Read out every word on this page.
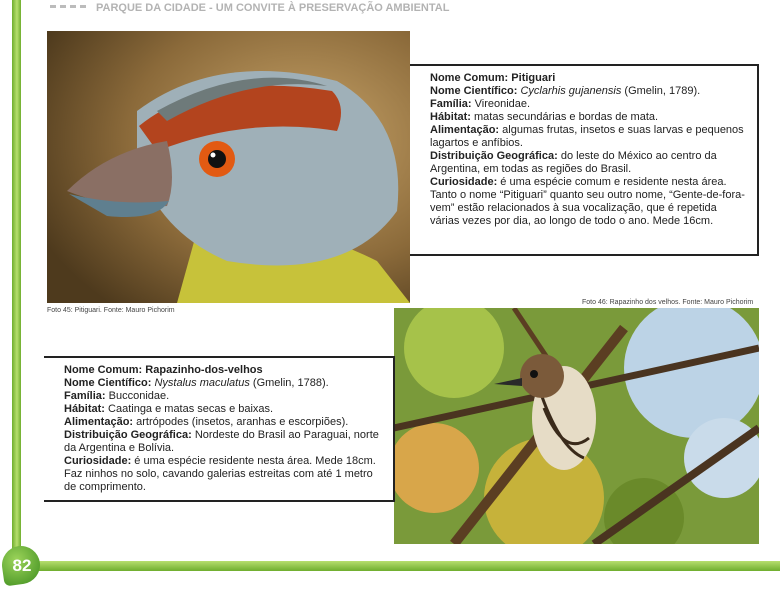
82
PARQUE DA CIDADE - UM CONVITE À PRESERVAÇÃO AMBIENTAL
Foto 45: Pitiguari. Fonte: Mauro Pichorim
Nome Comum: Pitiguari
Nome Científico: Cyclarhis gujanensis (Gmelin, 1789).
Família: Vireonidae.
Hábitat: matas secundárias e bordas de mata.
Alimentação: algumas frutas, insetos e suas larvas e pequenos lagartos e anfíbios.
Distribuição Geográfica: do leste do México ao centro da Argentina, em todas as regiões do Brasil.
Curiosidade: é uma espécie comum e residente nesta área. Tanto o nome “Pitiguari” quanto seu outro nome, “Gente-de-fora-vem” estão relacionados à sua vocalização, que é repetida várias vezes por dia, ao longo de todo o ano. Mede 16cm.
Foto 46: Rapazinho dos velhos. Fonte: Mauro Pichorim
Nome Comum: Rapazinho-dos-velhos
Nome Científico: Nystalus maculatus (Gmelin, 1788).
Família: Bucconidae.
Hábitat: Caatinga e matas secas e baixas.
Alimentação: artrópodes (insetos, aranhas e escorpiões).
Distribuição Geográfica: Nordeste do Brasil ao Paraguai, norte da Argentina e Bolívia.
Curiosidade: é uma espécie residente nesta área. Mede 18cm. Faz ninhos no solo, cavando galerias estreitas com até 1 metro de comprimento.
